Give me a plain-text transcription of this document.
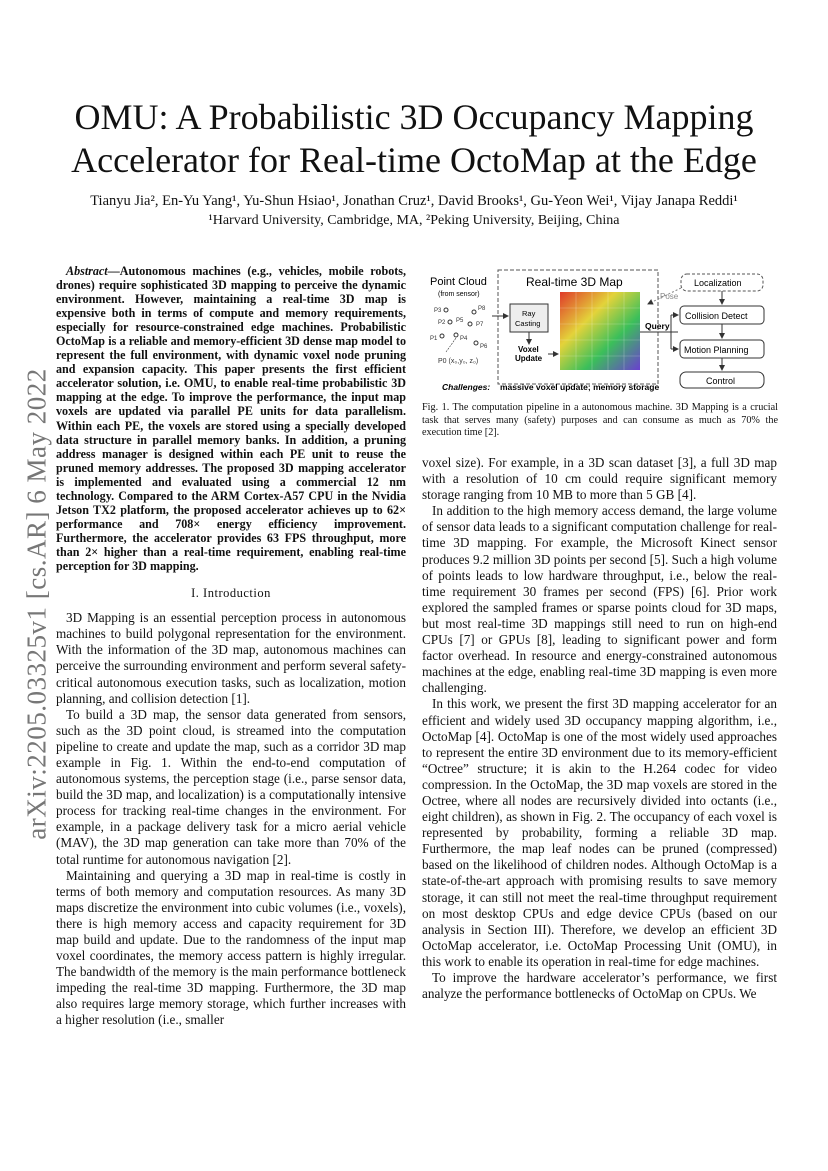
arXiv:2205.03325v1 [cs.AR] 6 May 2022
OMU: A Probabilistic 3D Occupancy Mapping Accelerator for Real-time OctoMap at the Edge
Tianyu Jia², En-Yu Yang¹, Yu-Shun Hsiao¹, Jonathan Cruz¹, David Brooks¹, Gu-Yeon Wei¹, Vijay Janapa Reddi¹
¹Harvard University, Cambridge, MA, ²Peking University, Beijing, China

Abstract—Autonomous machines (e.g., vehicles, mobile robots, drones) require sophisticated 3D mapping to perceive the dynamic environment. However, maintaining a real-time 3D map is expensive both in terms of compute and memory requirements, especially for resource-constrained edge machines. Probabilistic OctoMap is a reliable and memory-efficient 3D dense map model to represent the full environment, with dynamic voxel node pruning and expansion capacity. This paper presents the first efficient accelerator solution, i.e. OMU, to enable real-time probabilistic 3D mapping at the edge. To improve the performance, the input map voxels are updated via parallel PE units for data parallelism. Within each PE, the voxels are stored using a specially developed data structure in parallel memory banks. In addition, a pruning address manager is designed within each PE unit to reuse the pruned memory addresses. The proposed 3D mapping accelerator is implemented and evaluated using a commercial 12 nm technology. Compared to the ARM Cortex-A57 CPU in the Nvidia Jetson TX2 platform, the proposed accelerator achieves up to 62× performance and 708× energy efficiency improvement. Furthermore, the accelerator provides 63 FPS throughput, more than 2× higher than a real-time requirement, enabling real-time perception for 3D mapping.

I. Introduction

3D Mapping is an essential perception process in autonomous machines to build polygonal representation for the environment. With the information of the 3D map, autonomous machines can perceive the surrounding environment and perform several safety-critical autonomous execution tasks, such as localization, motion planning, and collision detection [1].

To build a 3D map, the sensor data generated from sensors, such as the 3D point cloud, is streamed into the computation pipeline to create and update the map, such as a corridor 3D map example in Fig. 1. Within the end-to-end computation of autonomous systems, the perception stage (i.e., parse sensor data, build the 3D map, and localization) is a computationally intensive process for tracking real-time changes in the environment. For example, in a package delivery task for a micro aerial vehicle (MAV), the 3D map generation can take more than 70% of the total runtime for autonomous navigation [2].

Maintaining and querying a 3D map in real-time is costly in terms of both memory and computation resources. As many 3D maps discretize the environment into cubic volumes (i.e., voxels), there is high memory access and capacity requirement for 3D map build and update. Due to the randomness of the input map voxel coordinates, the memory access pattern is highly irregular. The bandwidth of the memory is the main performance bottleneck impeding the real-time 3D mapping. Furthermore, the 3D map also requires large memory storage, which further increases with a higher resolution (i.e., smaller

Point Cloud
(from sensor)
P3	P8
P2 P5
P7
P1	P4
P6
P0 (x₀,y₀, z₀)
Real-time 3D Map
Ray
Casting
Voxel
Update
Localization
Pose
Collision Detect
Motion Planning
Control
Query
Challenges: massive voxel update; memory storage
Fig. 1. The computation pipeline in a autonomous machine. 3D Mapping is a crucial task that serves many (safety) purposes and can consume as much as 70% the execution time [2].

voxel size). For example, in a 3D scan dataset [3], a full 3D map with a resolution of 10 cm could require significant memory storage ranging from 10 MB to more than 5 GB [4].

In addition to the high memory access demand, the large volume of sensor data leads to a significant computation challenge for real-time 3D mapping. For example, the Microsoft Kinect sensor produces 9.2 million 3D points per second [5]. Such a high volume of points leads to low hardware throughput, i.e., below the real-time requirement 30 frames per second (FPS) [6]. Prior work explored the sampled frames or sparse points cloud for 3D maps, but most real-time 3D mappings still need to run on high-end CPUs [7] or GPUs [8], leading to significant power and form factor overhead. In resource and energy-constrained autonomous machines at the edge, enabling real-time 3D mapping is even more challenging.

In this work, we present the first 3D mapping accelerator for an efficient and widely used 3D occupancy mapping algorithm, i.e., OctoMap [4]. OctoMap is one of the most widely used approaches to represent the entire 3D environment due to its memory-efficient “Octree” structure; it is akin to the H.264 codec for video compression. In the OctoMap, the 3D map voxels are stored in the Octree, where all nodes are recursively divided into octants (i.e., eight children), as shown in Fig. 2. The occupancy of each voxel is represented by probability, forming a reliable 3D map. Furthermore, the map leaf nodes can be pruned (compressed) based on the likelihood of children nodes. Although OctoMap is a state-of-the-art approach with promising results to save memory storage, it can still not meet the real-time throughput requirement on most desktop CPUs and edge device CPUs (based on our analysis in Section III). Therefore, we develop an efficient 3D OctoMap accelerator, i.e. OctoMap Processing Unit (OMU), in this work to enable its operation in real-time for edge machines.

To improve the hardware accelerator’s performance, we first analyze the performance bottlenecks of OctoMap on CPUs. We
